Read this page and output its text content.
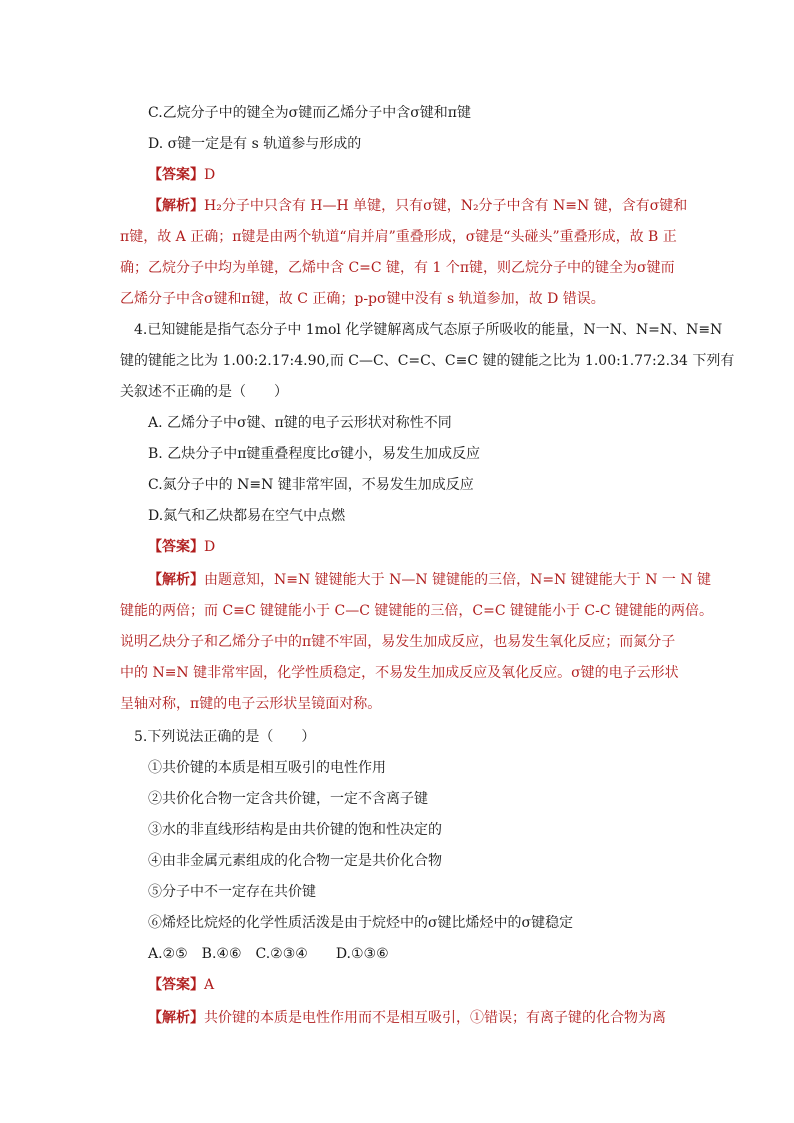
C.乙烷分子中的键全为σ键而乙烯分子中含σ键和π键
D. σ键一定是有 s 轨道参与形成的
【答案】D
【解析】H₂分子中只含有 H—H 单键，只有σ键，N₂分子中含有 N≡N 键，含有σ键和
π键，故 A 正确；π键是由两个轨道“肩并肩”重叠形成，σ键是“头碰头”重叠形成，故 B 正
确；乙烷分子中均为单键，乙烯中含 C=C 键，有 1 个π键，则乙烷分子中的键全为σ键而
乙烯分子中含σ键和π键，故 C 正确；p-pσ键中没有 s 轨道参加，故 D 错误。
4.已知键能是指气态分子中 1mol 化学键解离成气态原子所吸收的能量，N一N、N=N、N≡N
键的键能之比为 1.00:2.17:4.90,而 C—C、C=C、C≡C 键的键能之比为 1.00:1.77:2.34 下列有
关叙述不正确的是（　　）
A. 乙烯分子中σ键、π键的电子云形状对称性不同
B. 乙炔分子中π键重叠程度比σ键小，易发生加成反应
C.氮分子中的 N≡N 键非常牢固，不易发生加成反应
D.氮气和乙炔都易在空气中点燃
【答案】D
【解析】由题意知，N≡N 键键能大于 N—N 键键能的三倍，N=N 键键能大于 N 一 N 键
键能的两倍；而 C≡C 键键能小于 C—C 键键能的三倍，C=C 键键能小于 C-C 键键能的两倍。
说明乙炔分子和乙烯分子中的π键不牢固，易发生加成反应，也易发生氧化反应；而氮分子
中的 N≡N 键非常牢固，化学性质稳定，不易发生加成反应及氧化反应。σ键的电子云形状
呈轴对称，π键的电子云形状呈镜面对称。
5.下列说法正确的是（　　）
①共价键的本质是相互吸引的电性作用
②共价化合物一定含共价键，一定不含离子键
③水的非直线形结构是由共价键的饱和性决定的
④由非金属元素组成的化合物一定是共价化合物
⑤分子中不一定存在共价键
⑥烯烃比烷烃的化学性质活泼是由于烷烃中的σ键比烯烃中的σ键稳定
A.②⑤　B.④⑥　C.②③④　　D.①③⑥
【答案】A
【解析】共价键的本质是电性作用而不是相互吸引，①错误；有离子键的化合物为离
